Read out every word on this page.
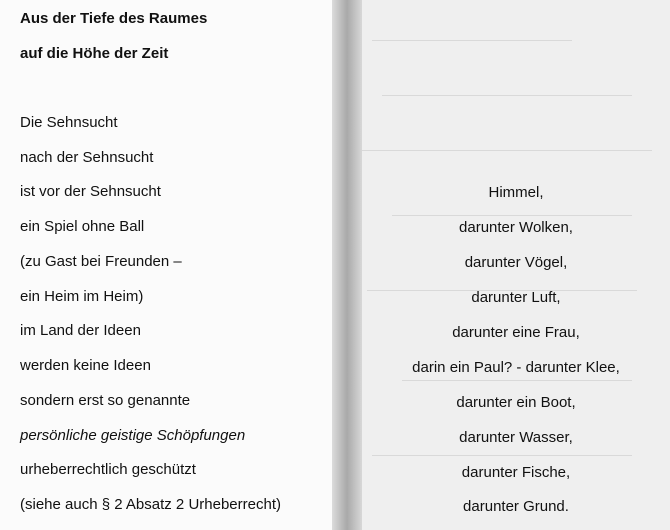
Aus der Tiefe des Raumes
auf die Höhe der Zeit
Die Sehnsucht
nach der Sehnsucht
ist vor der Sehnsucht
ein Spiel ohne Ball
(zu Gast bei Freunden –
ein Heim im Heim)
im Land der Ideen
werden keine Ideen
sondern erst so genannte
persönliche geistige Schöpfungen
urheberrechtlich geschützt
(siehe auch § 2 Absatz 2 Urheberrecht)
Himmel,
darunter Wolken,
darunter Vögel,
darunter Luft,
darunter eine Frau,
darin ein Paul? - darunter Klee,
darunter ein Boot,
darunter Wasser,
darunter Fische,
darunter Grund.
